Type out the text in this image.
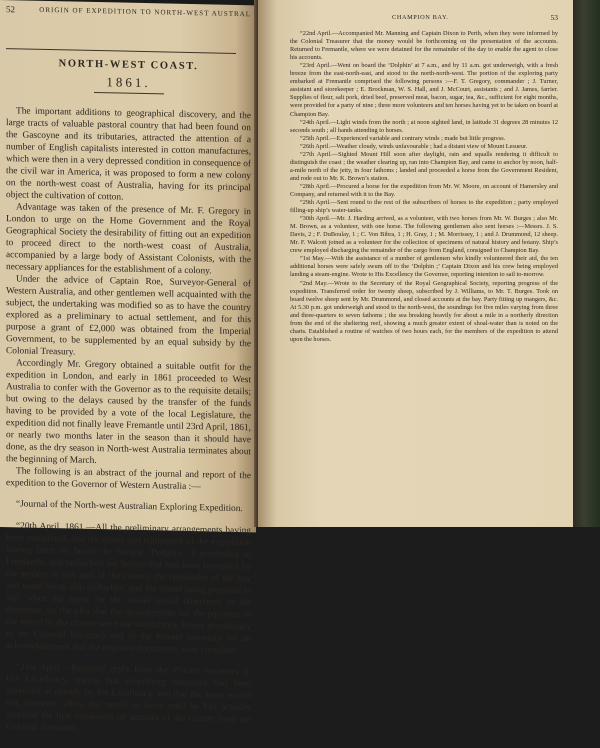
52	ORIGIN OF EXPEDITION TO NORTH-WEST AUSTRAL
NORTH-WEST COAST.
1861.

The important additions to geographical discovery, and the large tracts of valuable pastoral country that had been found on the Gascoyne and its tributaries, attracted the attention of a number of English capitalists interested in cotton manufactures, which were then in a very depressed condition in consequence of the civil war in America, it was proposed to form a new colony on the north-west coast of Australia, having for its principal object the cultivation of cotton.

Advantage was taken of the presence of Mr. F. Gregory in London to urge on the Home Government and the Royal Geographical Society the desirability of fitting out an expedition to proceed direct to the north-west coast of Australia, accompanied by a large body of Assistant Colonists, with the necessary appliances for the establishment of a colony.

Under the advice of Captain Roe, Surveyor-General of Western Australia, and other gentlemen well acquainted with the subject, the undertaking was modified so as to have the country explored as a preliminary to actual settlement, and for this purpose a grant of £2,000 was obtained from the Imperial Government, to be supplemented by an equal subsidy by the Colonial Treasury.

Accordingly Mr. Gregory obtained a suitable outfit for the expedition in London, and early in 1861 proceeded to West Australia to confer with the Governor as to the requisite details; but owing to the delays caused by the transfer of the funds having to be provided by a vote of the local Legislature, the expedition did not finally leave Fremantle until 23rd April, 1861, or nearly two months later in the season than it should have done, as the dry season in North-west Australia terminates about the beginning of March.

The following is an abstract of the journal and report of the expedition to the Governor of Western Australia :—

“Journal of the North-west Australian Exploring Expedition.

“20th April, 1861.—All the preliminary arrangements having been completed, and the stores and equipment of the expedition having been on board the barque ‘Dolphin,’ I proceeded to Fremantle, and embarked ten horses that had been furnished by the settlers in this part of the colony, the remainder of the hay and water being also embarked, and the vessel being prepared to sail, when the agent for the vessel raised objections to the departure, on the plea that the arrangements for the payment of the vessel by the charter were not satisfactory. Wrote accordingly to the Colonial Secretary and to the Private Secretary for an acknowledgment that the requisite documents were complete.

“21st April.—Received reply from the Private Secretary to His Excellency, stating that everything necessary had been approved of already by his Excellency, and that the agent would not, however, allow the vessel to leave until he had actually received the first instalment on account of the charter from the Colonial Treasurer.

CHAMPION BAY.	53

“22nd April.—Accompanied Mr. Manning and Captain Dixon to Perth, when they were informed by the Colonial Treasurer that the money would be forthcoming on the presentation of the accounts. Returned to Fremantle, where we were detained for the remainder of the day to enable the agent to close his accounts.

“23rd April.—Went on board the ‘Dolphin’ at 7 a.m., and by 11 a.m. got underweigh, with a fresh breeze from the east-north-east, and stood to the north-north-west. The portion of the exploring party embarked at Fremantle comprised the following persons :—F. T. Gregory, commander ; J. Turner, assistant and storekeeper ; E. Brockman, W. S. Hall, and J. McCourt, assistants ; and J. James, farrier. Supplies of flour, salt pork, dried beef, preserved meat, bacon, sugar, tea, &c., sufficient for eight months, were provided for a party of nine ; three more volunteers and ten horses having yet to be taken on board at Champion Bay.

“24th April.—Light winds from the north ; at noon sighted land, in latitude 31 degrees 28 minutes 12 seconds south ; all hands attending to horses.

“25th April.—Experienced variable and contrary winds ; made but little progress.

“26th April.—Weather cloudy, winds unfavourable ; had a distant view of Mount Lesueur.

“27th April.—Sighted Mount Hill soon after daylight, rain and squalls rendering it difficult to distinguish the coast ; the weather clearing up, ran into Champion Bay, and came to anchor by noon, half-a-mile north of the jetty, in four fathoms ; landed and proceeded a horse from the Government Resident, and rode out to Mr. K. Brown’s station.

“28th April.—Procured a horse for the expedition from Mr. W. Moore, on account of Hamersley and Company, and returned with it to the Bay.

“29th April.—Sent round to the rest of the subscribers of horses to the expedition ; party employed filling-up ship’s water-tanks.

“30th April.—Mr. J. Harding arrived, as a volunteer, with two horses from Mr. W. Burges ; also Mr. M. Brown, as a volunteer, with one horse. The following gentlemen also sent horses :—Messrs. J. S. Davis, 2 ; F. DuBoulay, 1 ; C. Von Bibra, 1 ; H. Gray, 1 ; M. Morrissey, 1 ; and J. Drummond, 12 sheep. Mr. F. Walcott joined as a volunteer for the collection of specimens of natural history and botany. Ship’s crew employed discharging the remainder of the cargo from England, consigned to Champion Bay.

“1st May.—With the assistance of a number of gentlemen who kindly volunteered their aid, the ten additional horses were safely swum off to the ‘Dolphin ;’ Captain Dixon and his crew being employed landing a steam-engine. Wrote to His Excellency the Governor, reporting intention to sail to-morrow.

“2nd May.—Wrote to the Secretary of the Royal Geographical Society, reporting progress of the expedition. Transferred order for twenty sheep, subscribed by J. Williams, to Mr. T. Burges. Took on board twelve sheep sent by Mr. Drummond, and closed accounts at the bay. Party fitting up mangers, &c. At 5.30 p.m. got underweigh and stood to the north-west, the soundings for five miles varying from three and three-quarters to seven fathoms ; the sea breaking heavily for about a mile in a northerly direction from the end of the sheltering reef, showing a much greater extent of shoal-water than is noted on the charts. Established a routine of watches of two hours each, for the members of the expedition to attend upon the horses.
